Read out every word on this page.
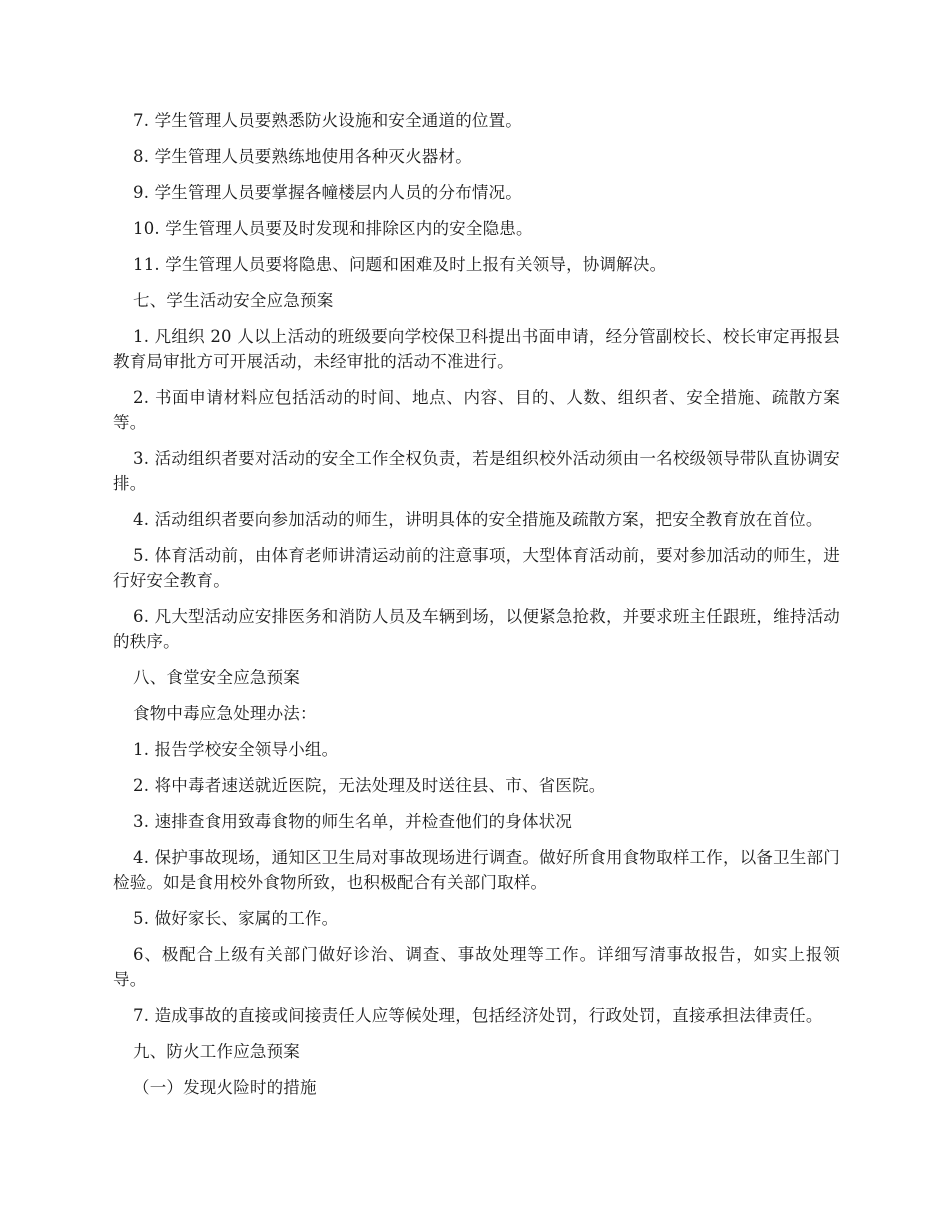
7. 学生管理人员要熟悉防火设施和安全通道的位置。

8. 学生管理人员要熟练地使用各种灭火器材。

9. 学生管理人员要掌握各幢楼层内人员的分布情况。

10. 学生管理人员要及时发现和排除区内的安全隐患。

11. 学生管理人员要将隐患、问题和困难及时上报有关领导，协调解决。

七、学生活动安全应急预案

1. 凡组织 20 人以上活动的班级要向学校保卫科提出书面申请，经分管副校长、校长审定再报县教育局审批方可开展活动，未经审批的活动不准进行。

2. 书面申请材料应包括活动的时间、地点、内容、目的、人数、组织者、安全措施、疏散方案等。

3. 活动组织者要对活动的安全工作全权负责，若是组织校外活动须由一名校级领导带队直协调安排。

4. 活动组织者要向参加活动的师生，讲明具体的安全措施及疏散方案，把安全教育放在首位。

5. 体育活动前，由体育老师讲清运动前的注意事项，大型体育活动前，要对参加活动的师生，进行好安全教育。

6. 凡大型活动应安排医务和消防人员及车辆到场，以便紧急抢救，并要求班主任跟班，维持活动的秩序。

八、食堂安全应急预案

食物中毒应急处理办法：

1. 报告学校安全领导小组。

2. 将中毒者速送就近医院，无法处理及时送往县、市、省医院。

3. 速排查食用致毒食物的师生名单，并检查他们的身体状况

4. 保护事故现场，通知区卫生局对事故现场进行调查。做好所食用食物取样工作，以备卫生部门检验。如是食用校外食物所致，也积极配合有关部门取样。

5. 做好家长、家属的工作。

6、极配合上级有关部门做好诊治、调查、事故处理等工作。详细写清事故报告，如实上报领导。

7. 造成事故的直接或间接责任人应等候处理，包括经济处罚，行政处罚，直接承担法律责任。

九、防火工作应急预案

（一）发现火险时的措施
